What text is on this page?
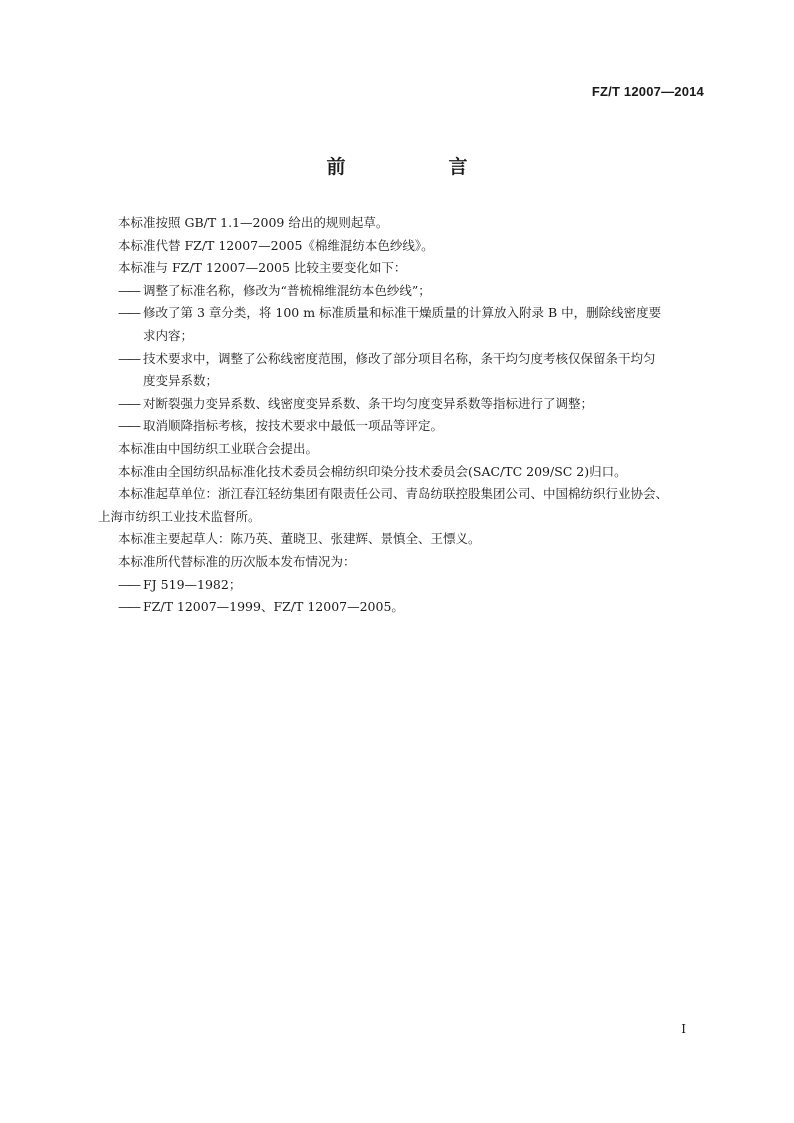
FZ/T 12007—2014
前　言

本标准按照 GB/T 1.1—2009 给出的规则起草。

本标准代替 FZ/T 12007—2005《棉维混纺本色纱线》。

本标准与 FZ/T 12007—2005 比较主要变化如下：

—— 调整了标准名称，修改为“普梳棉维混纺本色纱线”；
—— 修改了第 3 章分类，将 100 m 标准质量和标准干燥质量的计算放入附录 B 中，删除线密度要
求内容；
—— 技术要求中，调整了公称线密度范围，修改了部分项目名称，条干均匀度考核仅保留条干均匀
度变异系数；
—— 对断裂强力变异系数、线密度变异系数、条干均匀度变异系数等指标进行了调整；
—— 取消顺降指标考核，按技术要求中最低一项品等评定。

本标准由中国纺织工业联合会提出。

本标准由全国纺织品标准化技术委员会棉纺织印染分技术委员会(SAC/TC 209/SC 2)归口。

本标准起草单位：浙江春江轻纺集团有限责任公司、青岛纺联控股集团公司、中国棉纺织行业协会、
上海市纺织工业技术监督所。

本标准主要起草人：陈乃英、董晓卫、张建辉、景慎全、王慓义。

本标准所代替标准的历次版本发布情况为：

—— FJ 519—1982；
—— FZ/T 12007—1999、FZ/T 12007—2005。
I
